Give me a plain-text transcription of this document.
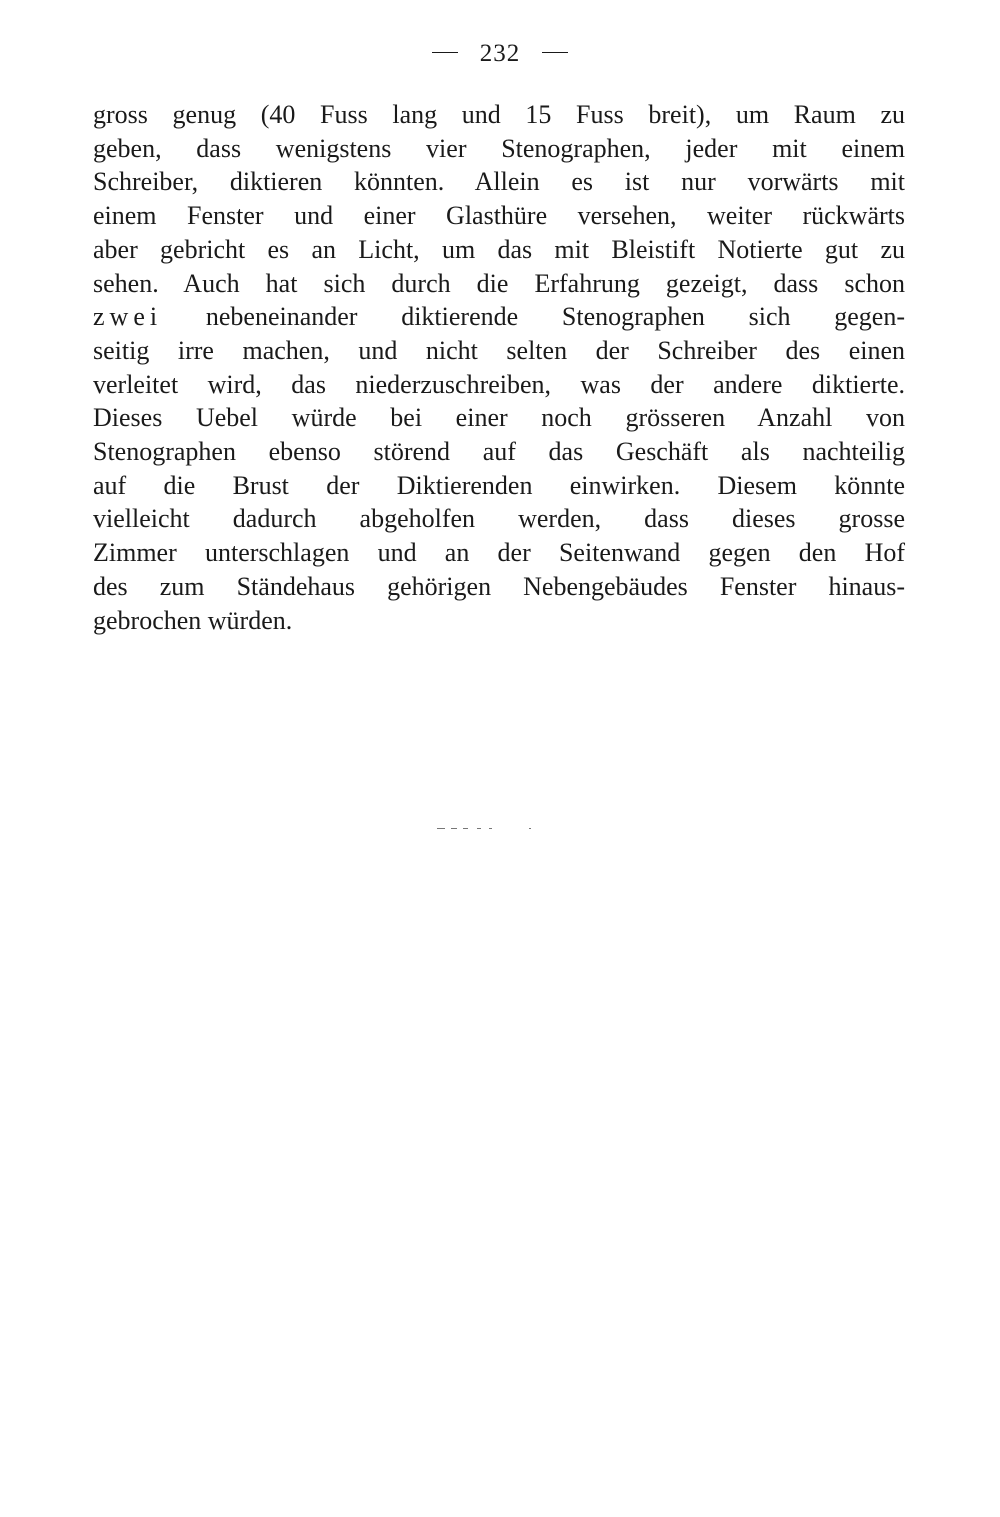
232
gross genug (40 Fuss lang und 15 Fuss breit), um Raum zu
geben, dass wenigstens vier Stenographen, jeder mit einem
Schreiber, diktieren könnten. Allein es ist nur vorwärts mit
einem Fenster und einer Glasthüre versehen, weiter rückwärts
aber gebricht es an Licht, um das mit Bleistift Notierte gut zu
sehen. Auch hat sich durch die Erfahrung gezeigt, dass schon
zwei nebeneinander diktierende Stenographen sich gegen-
seitig irre machen, und nicht selten der Schreiber des einen
verleitet wird, das niederzuschreiben, was der andere diktierte.
Dieses Uebel würde bei einer noch grösseren Anzahl von
Stenographen ebenso störend auf das Geschäft als nachteilig
auf die Brust der Diktierenden einwirken. Diesem könnte
vielleicht dadurch abgeholfen werden, dass dieses grosse
Zimmer unterschlagen und an der Seitenwand gegen den Hof
des zum Ständehaus gehörigen Nebengebäudes Fenster hinaus-
gebrochen würden.
